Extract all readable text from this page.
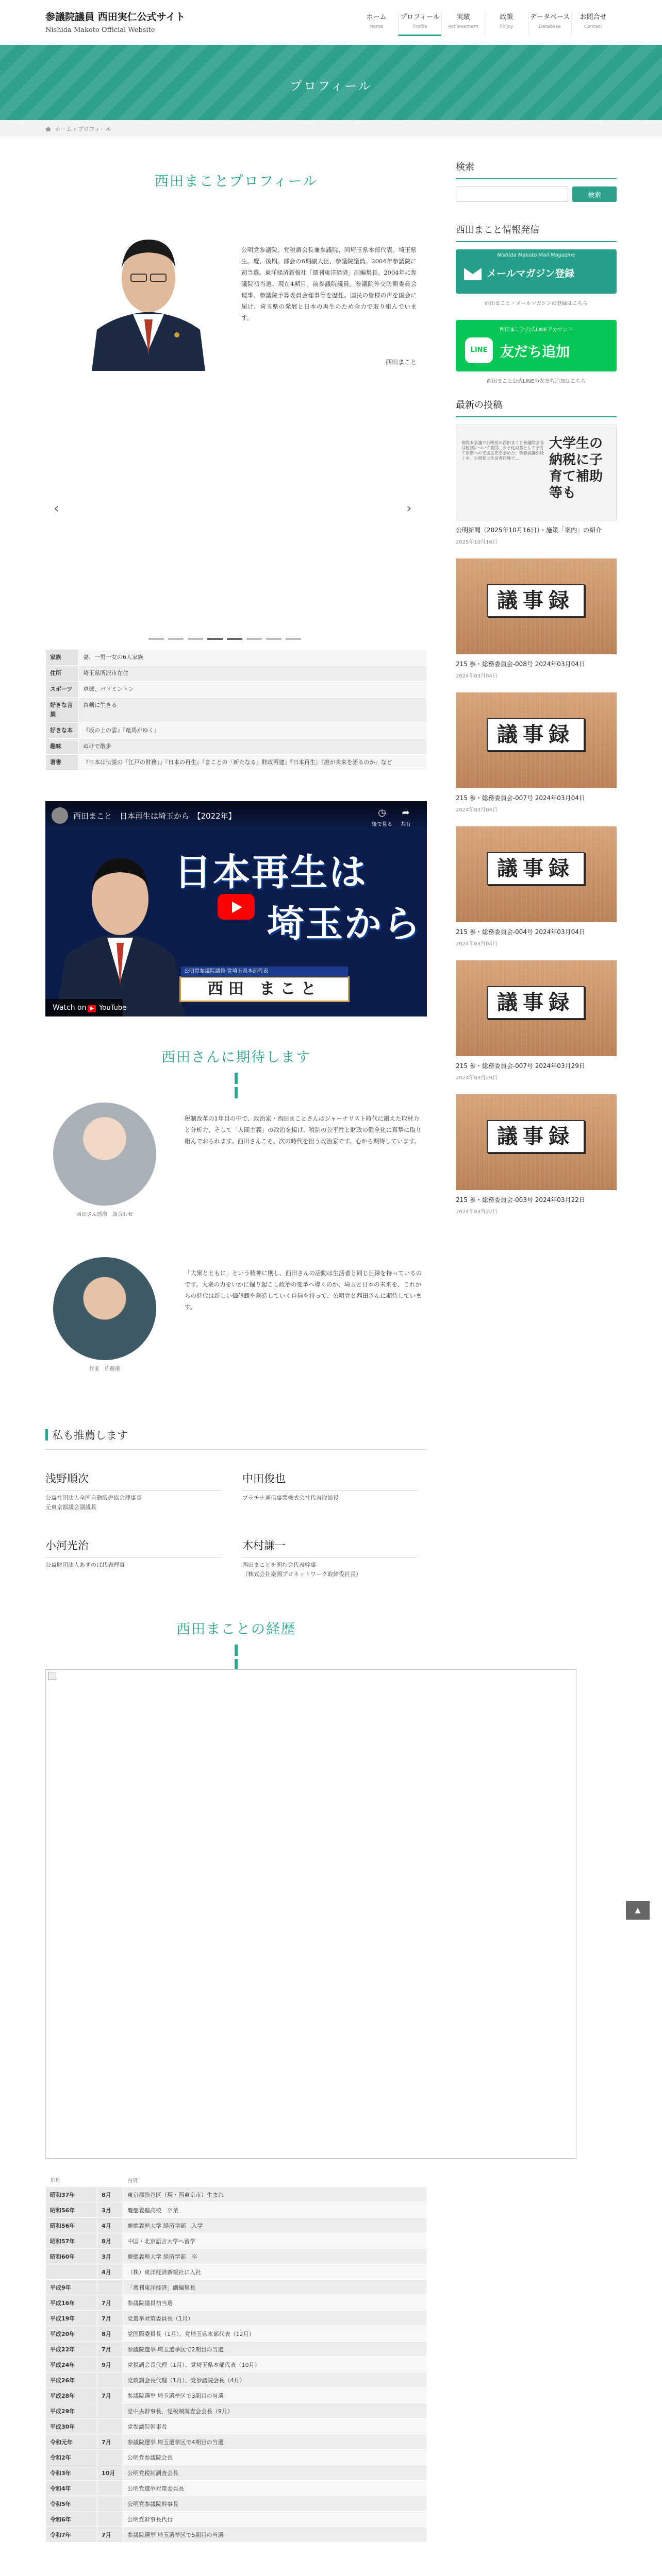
参議院議員 西田実仁公式サイト
Nishida Makoto Official Website
ホーム
Home
プロフィール
Profile
実績
Achievement
政策
Policy
データベース
Database
お問合せ
Contact
プロフィール
ホーム › プロフィール
西田まことプロフィール
公明党参議院、党税調会長兼参議院、同埼玉県本部代表。埼玉県生。慶、後期。部会の6期副大臣、参議院議員。2004年参議院に初当選。東洋経済新報社「週刊東洋経済」副編集長。2004年に参議院初当選、現在4期目。前参議院議員。参議院外交防衛委員会理事、参議院予算委員会理事等を歴任。国民の皆様の声を国会に届け、埼玉県の発展と日本の再生のため全力で取り組んでいます。
西田まこと
‹	›
家族	妻、一男一女の6人家族
住所	埼玉県所沢市在住
スポーツ	卓球、バドミントン
好きな言葉	真剣に生きる
好きな本	『坂の上の雲』『竜馬がゆく』
趣味	ぬけで散歩
著書	『日本は伝説の「江戸の財務」』『日本の再生』『まことの「新たなる」財政再建』『日本再生』『誰が未来を語るのか」など
西田まこと　日本再生は埼玉から　【2022年】	◷
後で見る
➦
共有
日本再生は
埼玉から
公明党参議院議員 党埼玉県本部代表
西田 まこと
Watch on ▶ YouTube
西田さんに期待します
西田さん感激　顔合わせ
税制改革の1年目の中で、政治家・西田まことさんはジャーナリスト時代に鍛えた取材力と分析力、そして「人間主義」の政治を掲げ、税制の公平性と財政の健全化に真摯に取り組んでおられます。西田さんこそ、次の時代を担う政治家です。心から期待しています。
作家　佐藤優
「大衆とともに」という精神に則し、西田さんの活動は生活者と同じ目線を持っているのです。大衆の力をいかに掘り起こし政治の変革へ導くのか、埼玉と日本の未来を、これからの時代は新しい価値観を創造していく自信を持って、公明党と西田さんに期待しています。
私も推薦します
浅野順次
公益社団法人全国自動販売協会理事長
元東京都議会副議長
中田俊也
プラチナ通信事業株式会社代表取締役
小河光治
公益財団法人あすのば代表理事
木村謙一
西田まことを囲む会代表幹事
（株式会社楽園プロネットワーク取締役社長）
西田まことの経歴
年月		内容
昭和37年	8月	東京都渋谷区（現・西東京市）生まれ
昭和56年	3月	慶應義塾高校　卒業
昭和56年	4月	慶應義塾大学 経済学部　入学
昭和57年	8月	中国・北京語言大学へ留学
昭和60年	3月	慶應義塾大学 経済学部　卒
	4月	（株）東洋経済新報社に入社
平成9年		「週刊東洋経済」副編集長
平成16年	7月	参議院議員初当選
平成19年	7月	党選挙対策委員長（1月）
平成20年	8月	党国際委員長（1月）、党埼玉県本部代表（12月）
平成22年	7月	参議院選挙 埼玉選挙区で2期目の当選
平成24年	9月	党税調会長代理（1月）、党埼玉県本部代表（10月）
平成26年		党政調会長代理（1月）、党参議院会長（4月）
平成28年	7月	参議院選挙 埼玉選挙区で3期目の当選
平成29年		党中央幹事長、党税制調査会会長（9月）
平成30年		党参議院幹事長
令和元年	7月	参議院選挙 埼玉選挙区で4期目の当選
令和2年		公明党参議院会長
令和3年	10月	公明党税制調査会長
令和4年		公明党選挙対策委員長
令和5年		公明党参議院幹事長
令和6年		公明党幹事長代行
令和7年	7月	参議院選挙 埼玉選挙区で5期目の当選

検索
検索
西田まこと情報発信
Nishida Makoto Mail Magazine
メールマガジン登録
西田まこと・メールマガジンの登録はこちら
西田まこと公式LINEアカウント
LINE 友だち追加
西田まこと公式LINEの友だち追加はこちら
最新の投稿
参院本会議で公明党の西田まこと参議院会長は税制について質問。少子化対策として子育て世帯への支援拡充を求めた。物価高騰が続く中、公明党は生活者目線で…
大学生の納税に子育て補助等も
公明新聞（2025年10月16日）・施策「案内」の紹介
2025年10月16日
議事録
215 参・総務委員会-008号 2024年03月04日
2024年03月04日
議事録
215 参・総務委員会-007号 2024年03月04日
2024年03月04日
議事録
215 参・総務委員会-004号 2024年03月04日
2024年03月04日
議事録
215 参・総務委員会-007号 2024年03月29日
2024年03月29日
議事録
215 参・総務委員会-003号 2024年03月22日
2024年03月22日
▲
